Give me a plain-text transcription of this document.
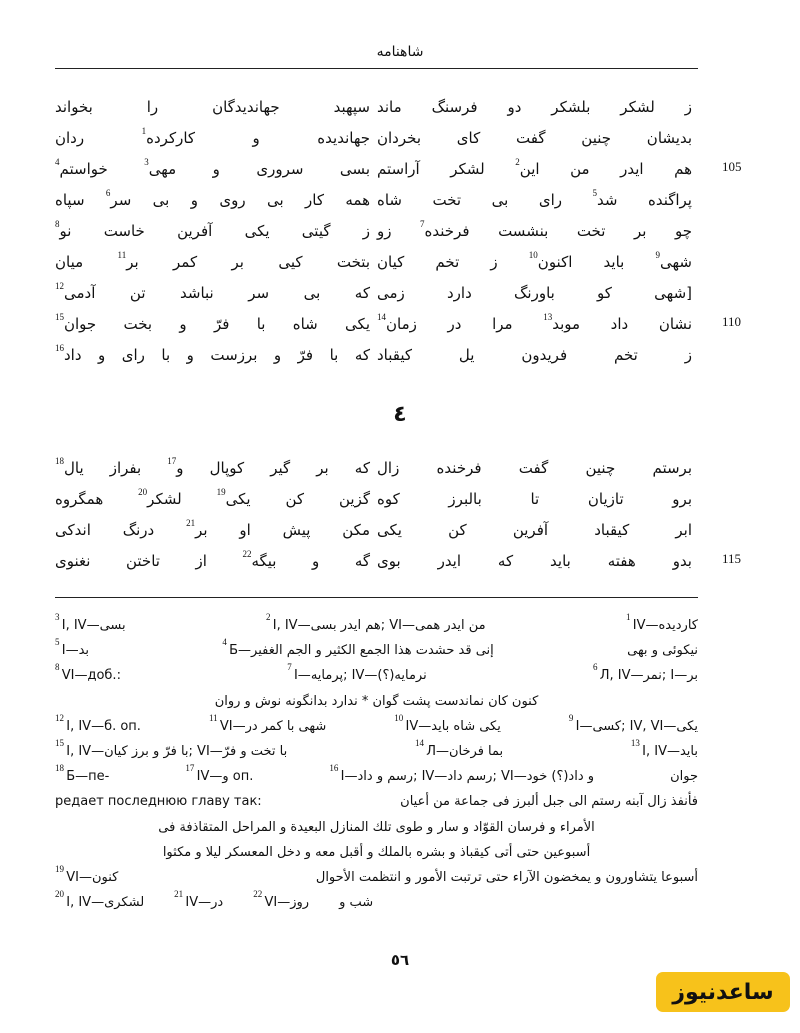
شاهنامه
ز لشکر بلشکر دو فرسنگ ماند
سپهبد جهاندیدگان را بخواند
بدیشان چنین گفت کای بخردان
جهاندیده و کارکرده$^1$ ردان
هم ایدر من این$^2$ لشکر آراستم
بسی سروری و مهی$^3$ خواستم$^4$	105
پراگنده شد$^5$ رای بی تخت شاه
همه کار بی روی و بی سر$^6$ سپاه
چو بر تخت بنشست فرخنده$^7$ زو
ز گیتی یکی آفرین خاست نو$^8$
شهی$^9$ باید اکنون$^{10}$ ز تخم کیان
بتخت کیی بر کمر بر$^{11}$ میان
[شهی کو باورنگ دارد زمی
که بی سر نباشد تن آدمی$^{12}$
نشان داد موبد$^{13}$ مرا در زمان$^{14}$
یکی شاه با فرّ و بخت جوان$^{15}$	110
ز تخم فریدون یل کیقباد
که با فرّ و برزست و با رای و داد$^{16}$
٤
برستم چنین گفت فرخنده زال
که بر گیر کوپال و$^{17}$ بفراز یال$^{18}$
برو تازیان تا بالبرز کوه
گزین کن یکی$^{19}$ لشکر$^{20}$ همگروه
ابر کیقباد آفرین کن یکی
مکن پیش او بر$^{21}$ درنگ اندکی
بدو هفته باید که ایدر بوی
گه و بیگه$^{22}$ از تاختن نغنوی	115
$^1$ IV—کاردیده
$^2$ I, IV—هم ایدر بسی; VI—من ایدر همی
$^3$ I, IV—بسی
نیکوئی و بهی
$^4$ Б—إنی قد حشدت هذا الجمع الكثير و الجم الغفير
$^5$ I—بد
$^6$ Л, IV—نمر; I—بر
$^7$ I—پرمایه; IV—نرمایه(؟)
$^8$ VI—доб.:
کنون کان نماندست پشت گوان * ندارد بدانگونه نوش و روان
$^9$ I—کسی; IV, VI—یکی
$^{10}$ IV—یکی شاه باید
$^{11}$ VI—شهی با کمر در
$^{12}$ I, IV—б. оп.
$^{13}$ I, IV—باید
$^{14}$ Л—بما فرخان
$^{15}$ I, IV—با فرّ و برز کیان; VI—با تخت و فرّ
جوان
$^{16}$ I—رسم و داد; IV—رسم داد; VI—و داد(؟) خود
$^{17}$ IV—و оп.
$^{18}$ Б—пе-
فأنفذ زال آبنه رستم الى جبل ألبرز فى جماعة من أعيان
редает последнюю главу так:
الأمراء و فرسان القوّاد و سار و طوى تلك المنازل البعيدة و المراحل المتقاذفة فى
أسبوعين حتى أتى كيقباذ و بشره بالملك و أقبل معه و دخل المعسكر ليلا و مكثوا
أسبوعا يتشاورون و يمخضون الآراء حتى ترتبت الأمور و انتظمت الأحوال
$^{19}$ VI—کنون
شب و
$^{22}$ VI—روز
$^{21}$ IV—در
$^{20}$ I, IV—لشکری
٥٦
ساعدنیوز
